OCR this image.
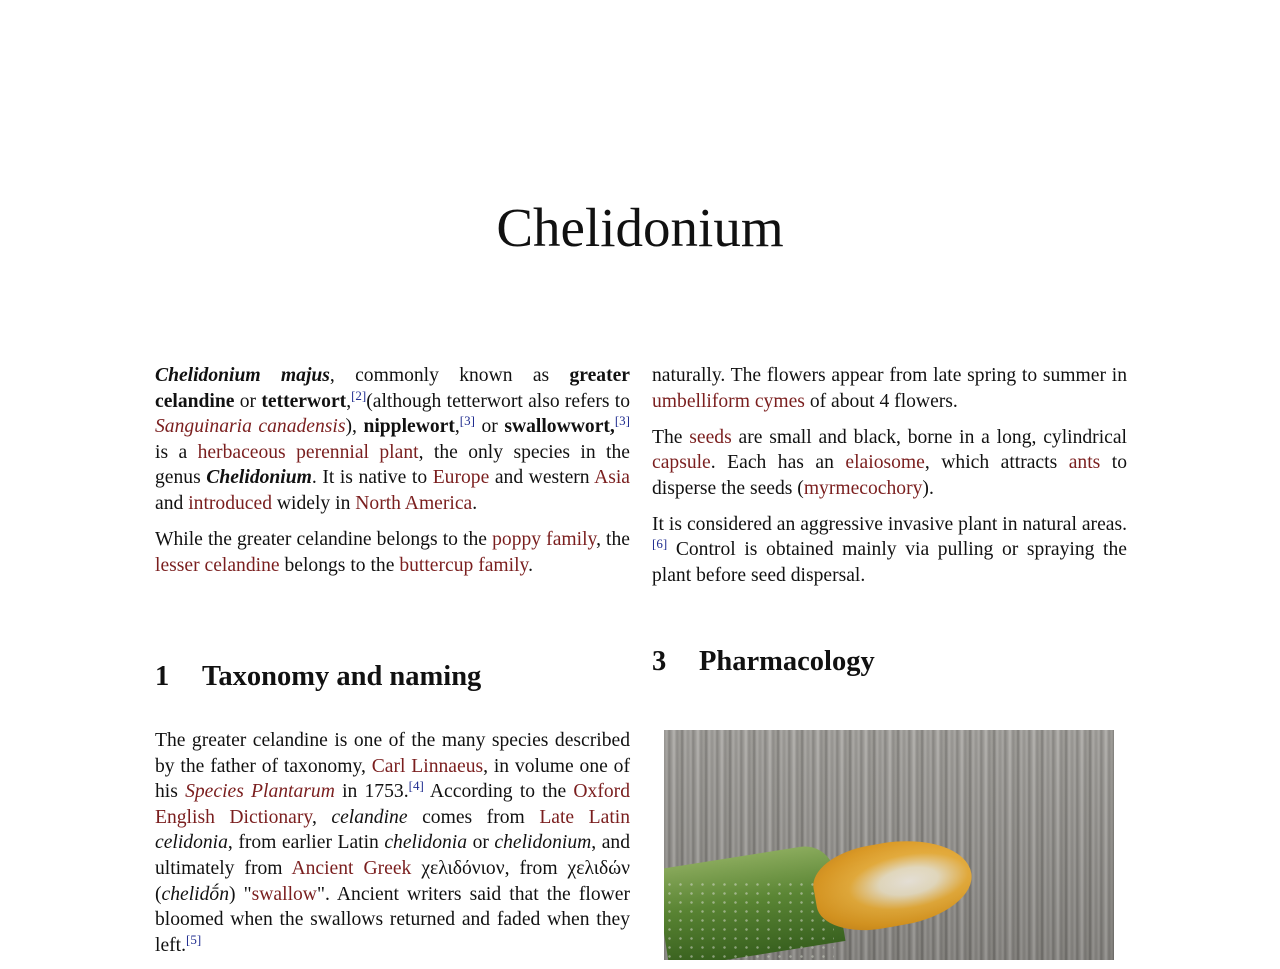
Chelidonium

Chelidonium majus, commonly known as greater celandine or tetterwort,[2](although tetterwort also refers to Sanguinaria canadensis), nipplewort,[3] or swallowwort,[3] is a herbaceous perennial plant, the only species in the genus Chelidonium. It is native to Europe and western Asia and introduced widely in North America.

While the greater celandine belongs to the poppy family, the lesser celandine belongs to the buttercup family.

1 Taxonomy and naming

The greater celandine is one of the many species described by the father of taxonomy, Carl Linnaeus, in volume one of his Species Plantarum in 1753.[4] According to the Oxford English Dictionary, celandine comes from Late Latin celidonia, from earlier Latin chelidonia or chelidonium, and ultimately from Ancient Greek χελιδόνιον, from χελιδών (chelidṓn) "swallow". Ancient writers said that the flower bloomed when the swallows returned and faded when they left.[5]

naturally. The flowers appear from late spring to summer in umbelliform cymes of about 4 flowers.

The seeds are small and black, borne in a long, cylindrical capsule. Each has an elaiosome, which attracts ants to disperse the seeds (myrmecochory).

It is considered an aggressive invasive plant in natural areas.[6] Control is obtained mainly via pulling or spraying the plant before seed dispersal.

3 Pharmacology
